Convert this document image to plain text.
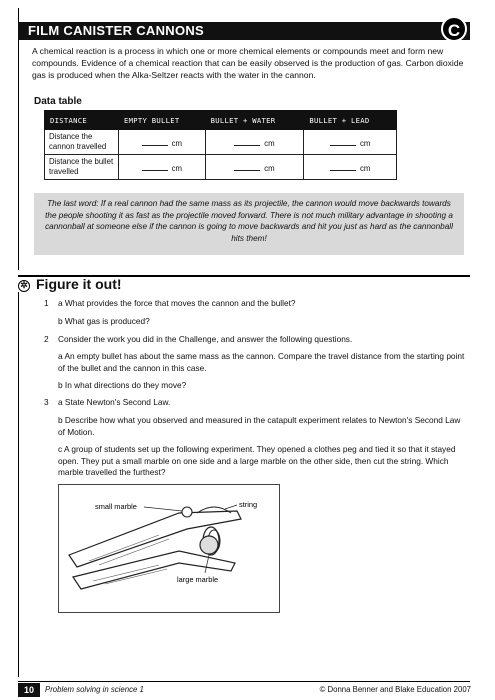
FILM CANISTER CANNONS	C
A chemical reaction is a process in which one or more chemical elements or compounds meet and form new compounds. Evidence of a chemical reaction that can be easily observed is the production of gas. Carbon dioxide gas is produced when the Alka-Seltzer reacts with the water in the cannon.
Data table
DISTANCE	EMPTY BULLET	BULLET + WATER	BULLET + LEAD
Distance the cannon travelled	cm	cm	cm
Distance the bullet travelled	cm	cm	cm
The last word: If a real cannon had the same mass as its projectile, the cannon would move backwards towards the people shooting it as fast as the projectile moved forward. There is not much military advantage in shooting a cannonball at someone else if the cannon is going to move backwards and hit you just as hard as the cannonball hits them!
✲ Figure it out!
1 a What provides the force that moves the cannon and the bullet?
b What gas is produced?
2 Consider the work you did in the Challenge, and answer the following questions.
a An empty bullet has about the same mass as the cannon. Compare the travel distance from the starting point of the bullet and the cannon in this case.
b In what directions do they move?
3 a State Newton's Second Law.
b Describe how what you observed and measured in the catapult experiment relates to Newton's Second Law of Motion.
c A group of students set up the following experiment. They opened a clothes peg and tied it so that it stayed open. They put a small marble on one side and a large marble on the other side, then cut the string. Which marble travelled the furthest?
small marble	string
large marble
10	Problem solving in science 1	© Donna Benner and Blake Education 2007
